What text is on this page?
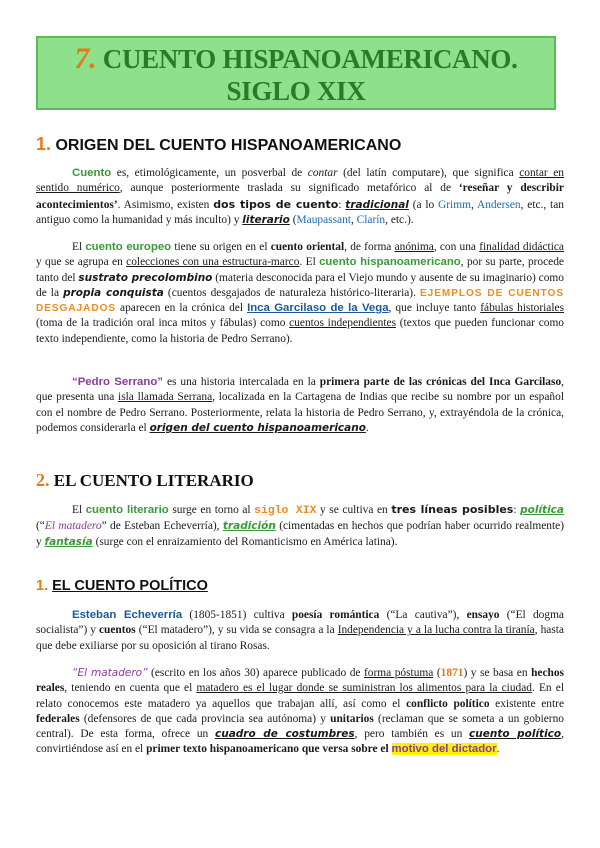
7. CUENTO HISPANOAMERICANO.
SIGLO XIX
1. ORIGEN DEL CUENTO HISPANOAMERICANO
Cuento es, etimológicamente, un posverbal de contar (del latín computare), que significa contar en sentido numérico, aunque posteriormente traslada su significado metafórico al de ‘reseñar y describir acontecimientos’. Asimismo, existen dos tipos de cuento: tradicional (a lo Grimm, Andersen, etc., tan antiguo como la humanidad y más inculto) y literario (Maupassant, Clarín, etc.).
El cuento europeo tiene su origen en el cuento oriental, de forma anónima, con una finalidad didáctica y que se agrupa en colecciones con una estructura-marco. El cuento hispanoamericano, por su parte, procede tanto del sustrato precolombino (materia desconocida para el Viejo mundo y ausente de su imaginario) como de la propia conquista (cuentos desgajados de naturaleza histórico-literaria). EJEMPLOS DE CUENTOS DESGAJADOS aparecen en la crónica del Inca Garcilaso de la Vega, que incluye tanto fábulas historiales (toma de la tradición oral inca mitos y fábulas) como cuentos independientes (textos que pueden funcionar como texto independiente, como la historia de Pedro Serrano).
“Pedro Serrano” es una historia intercalada en la primera parte de las crónicas del Inca Garcilaso, que presenta una isla llamada Serrana, localizada en la Cartagena de Indias que recibe su nombre por un español con el nombre de Pedro Serrano. Posteriormente, relata la historia de Pedro Serrano, y, extrayéndola de la crónica, podemos considerarla el origen del cuento hispanoamericano.
2. EL CUENTO LITERARIO
El cuento literario surge en torno al siglo XIX y se cultiva en tres líneas posibles: política (“El matadero” de Esteban Echeverría), tradición (cimentadas en hechos que podrían haber ocurrido realmente) y fantasía (surge con el enraizamiento del Romanticismo en América latina).
1. EL CUENTO POLÍTICO
Esteban Echeverría (1805-1851) cultiva poesía romántica (“La cautiva”), ensayo (“El dogma socialista”) y cuentos (“El matadero”), y su vida se consagra a la Independencia y a la lucha contra la tiranía, hasta que debe exiliarse por su oposición al tirano Rosas.
“El matadero” (escrito en los años 30) aparece publicado de forma póstuma (1871) y se basa en hechos reales, teniendo en cuenta que el matadero es el lugar donde se suministran los alimentos para la ciudad. En el relato conocemos este matadero ya aquellos que trabajan allí, así como el conflicto político existente entre federales (defensores de que cada provincia sea autónoma) y unitarios (reclaman que se someta a un gobierno central). De esta forma, ofrece un cuadro de costumbres, pero también es un cuento político, convirtiéndose así en el primer texto hispanoamericano que versa sobre el motivo del dictador.
